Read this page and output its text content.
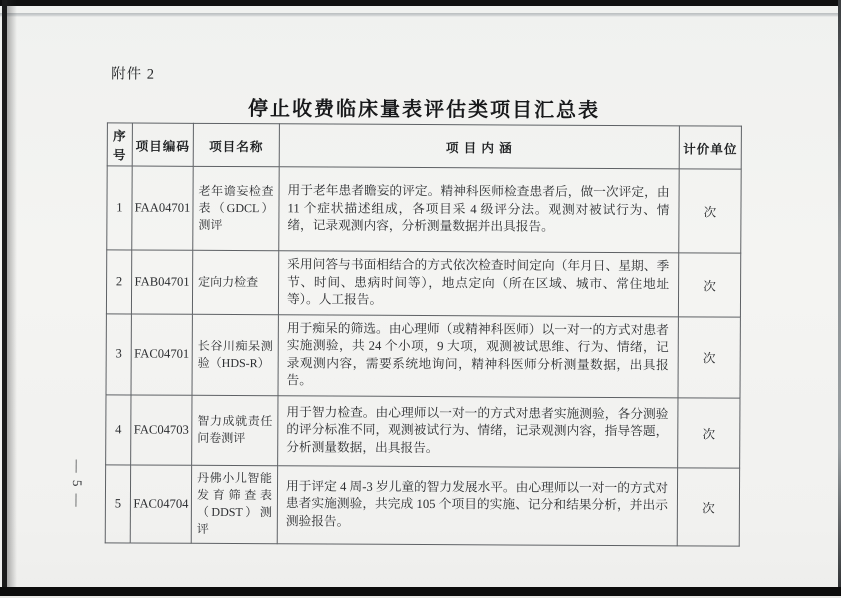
附件 2
停止收费临床量表评估类项目汇总表
序号	项目编码	项目名称	项 目 内 涵	计价单位
1	FAA04701	老年谵妄检查表（GDCL）测评	用于老年患者瞻妄的评定。精神科医师检查患者后，做一次评定，由 11 个症状描述组成，各项目采 4 级评分法。观测对被试行为、情绪，记录观测内容，分析测量数据并出具报告。	次
2	FAB04701	定向力检查	采用问答与书面相结合的方式依次检查时间定向（年月日、星期、季节、时间、患病时间等），地点定向（所在区域、城市、常住地址等）。人工报告。	次
3	FAC04701	长谷川痴呆测验（HDS-R）	用于痴呆的筛选。由心理师（或精神科医师）以一对一的方式对患者实施测验，共 24 个小项，9 大项，观测被试思维、行为、情绪，记录观测内容，需要系统地询问，精神科医师分析测量数据，出具报告。	次
4	FAC04703	智力成就责任问卷测评	用于智力检查。由心理师以一对一的方式对患者实施测验，各分测验的评分标准不同，观测被试行为、情绪，记录观测内容，指导答题，分析测量数据，出具报告。	次
5	FAC04704	丹佛小儿智能发育筛查表（DDST）测评	用于评定 4 周-3 岁儿童的智力发展水平。由心理师以一对一的方式对患者实施测验，共完成 105 个项目的实施、记分和结果分析，并出示测验报告。	次
— 5 —
